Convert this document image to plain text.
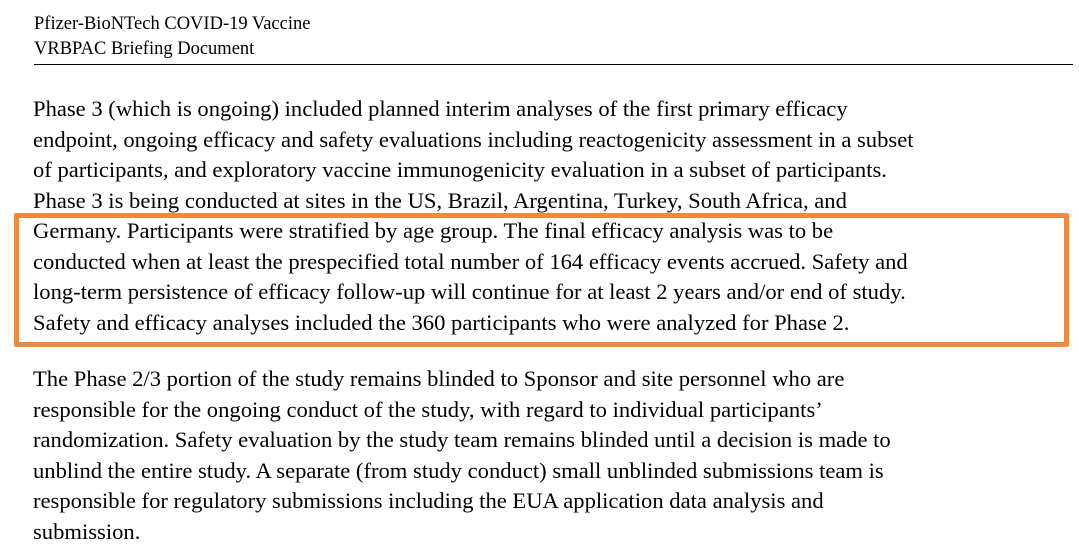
Pfizer-BioNTech COVID-19 Vaccine
VRBPAC Briefing Document
Phase 3 (which is ongoing) included planned interim analyses of the first primary efficacy
endpoint, ongoing efficacy and safety evaluations including reactogenicity assessment in a subset
of participants, and exploratory vaccine immunogenicity evaluation in a subset of participants.
Phase 3 is being conducted at sites in the US, Brazil, Argentina, Turkey, South Africa, and
Germany. Participants were stratified by age group. The final efficacy analysis was to be
conducted when at least the prespecified total number of 164 efficacy events accrued. Safety and
long-term persistence of efficacy follow-up will continue for at least 2 years and/or end of study.
Safety and efficacy analyses included the 360 participants who were analyzed for Phase 2.
The Phase 2/3 portion of the study remains blinded to Sponsor and site personnel who are
responsible for the ongoing conduct of the study, with regard to individual participants’
randomization. Safety evaluation by the study team remains blinded until a decision is made to
unblind the entire study. A separate (from study conduct) small unblinded submissions team is
responsible for regulatory submissions including the EUA application data analysis and
submission.
